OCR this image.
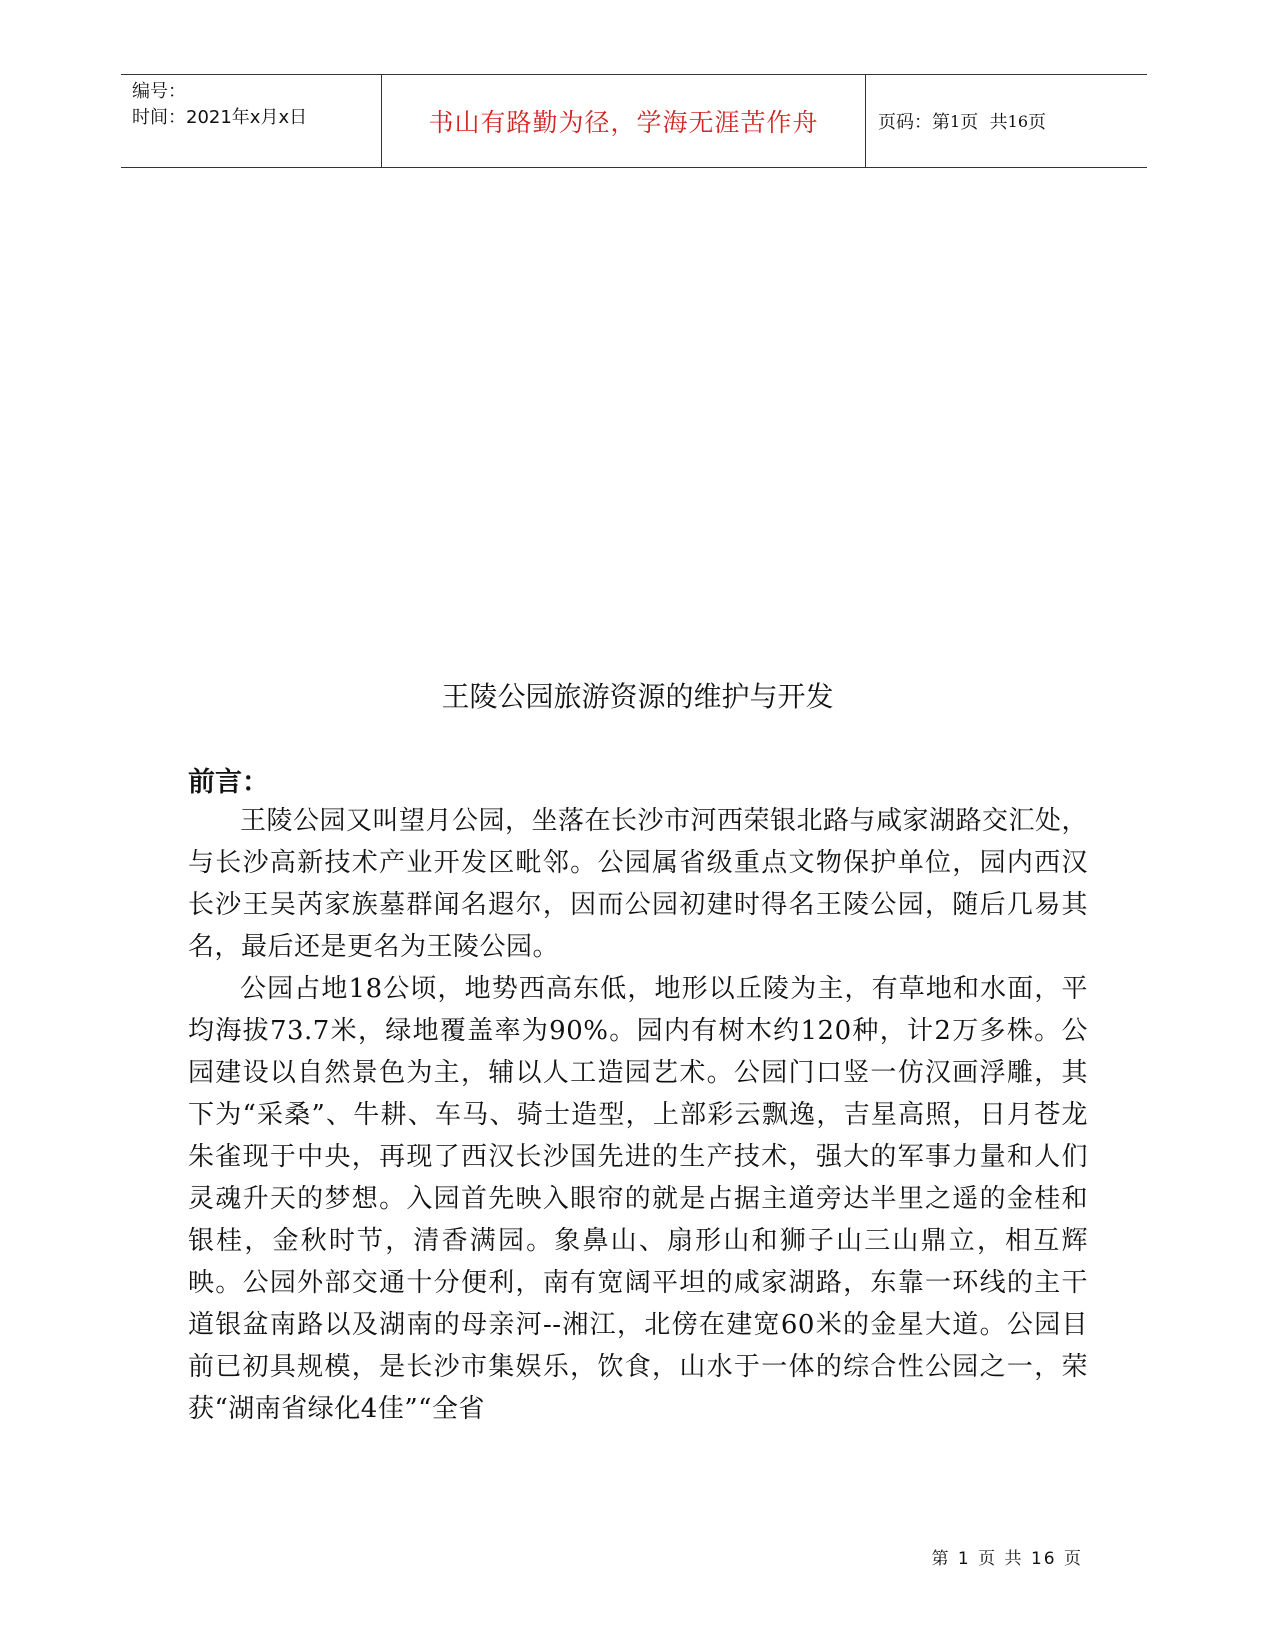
编号：
时间：2021年x月x日	书山有路勤为径，学海无涯苦作舟	页码：第 1 页  共 16 页
王陵公园旅游资源的维护与开发
前言：

王陵公园又叫望月公园，坐落在长沙市河西荣银北路与咸家湖路交汇处，与长沙高新技术产业开发区毗邻。公园属省级重点文物保护单位，园内西汉长沙王吴芮家族墓群闻名遐尔，因而公园初建时得名王陵公园，随后几易其名，最后还是更名为王陵公园。

公园占地18公顷，地势西高东低，地形以丘陵为主，有草地和水面，平均海拔73.7米，绿地覆盖率为90%。园内有树木约120种，计2万多株。公园建设以自然景色为主，辅以人工造园艺术。公园门口竖一仿汉画浮雕，其下为“采桑”、牛耕、车马、骑士造型，上部彩云飘逸，吉星高照，日月苍龙朱雀现于中央，再现了西汉长沙国先进的生产技术，强大的军事力量和人们灵魂升天的梦想。入园首先映入眼帘的就是占据主道旁达半里之遥的金桂和银桂，金秋时节，清香满园。象鼻山、扇形山和狮子山三山鼎立，相互辉映。公园外部交通十分便利，南有宽阔平坦的咸家湖路，东靠一环线的主干道银盆南路以及湖南的母亲河--湘江，北傍在建宽60米的金星大道。公园目前已初具规模，是长沙市集娱乐，饮食，山水于一体的综合性公园之一，荣获“湖南省绿化4佳”“全省

第 1 页 共 16 页
